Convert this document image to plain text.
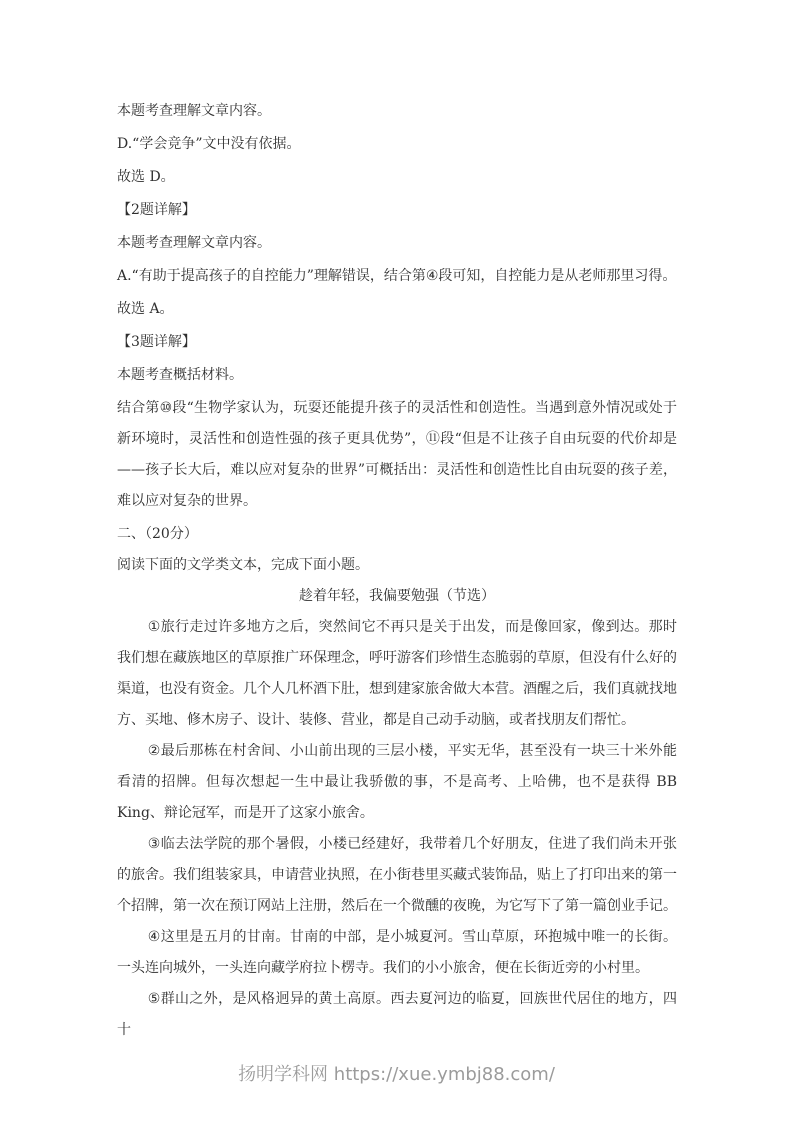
本题考查理解文章内容。

D.“学会竞争”文中没有依据。

故选 D。

【2题详解】

本题考查理解文章内容。

A.“有助于提高孩子的自控能力”理解错误，结合第④段可知，自控能力是从老师那里习得。

故选 A。

【3题详解】

本题考查概括材料。

结合第⑩段“生物学家认为，玩耍还能提升孩子的灵活性和创造性。当遇到意外情况或处于新环境时，灵活性和创造性强的孩子更具优势”，⑪段“但是不让孩子自由玩耍的代价却是——孩子长大后，难以应对复杂的世界”可概括出：灵活性和创造性比自由玩耍的孩子差，难以应对复杂的世界。

二、（20分）

阅读下面的文学类文本，完成下面小题。

趁着年轻，我偏要勉强（节选）

①旅行走过许多地方之后，突然间它不再只是关于出发，而是像回家，像到达。那时我们想在藏族地区的草原推广环保理念，呼吁游客们珍惜生态脆弱的草原，但没有什么好的渠道，也没有资金。几个人几杯酒下肚，想到建家旅舍做大本营。酒醒之后，我们真就找地方、买地、修木房子、设计、装修、营业，都是自己动手动脑，或者找朋友们帮忙。

②最后那栋在村舍间、小山前出现的三层小楼，平实无华，甚至没有一块三十米外能看清的招牌。但每次想起一生中最让我骄傲的事，不是高考、上哈佛，也不是获得 BB King、辩论冠军，而是开了这家小旅舍。

③临去法学院的那个暑假，小楼已经建好，我带着几个好朋友，住进了我们尚未开张的旅舍。我们组装家具，申请营业执照，在小街巷里买藏式装饰品，贴上了打印出来的第一个招牌，第一次在预订网站上注册，然后在一个微醺的夜晚，为它写下了第一篇创业手记。

④这里是五月的甘南。甘南的中部，是小城夏河。雪山草原，环抱城中唯一的长街。一头连向城外，一头连向藏学府拉卜楞寺。我们的小小旅舍，便在长街近旁的小村里。

⑤群山之外，是风格迥异的黄土高原。西去夏河边的临夏，回族世代居住的地方，四十

扬明学科网 https://xue.ymbj88.com/
